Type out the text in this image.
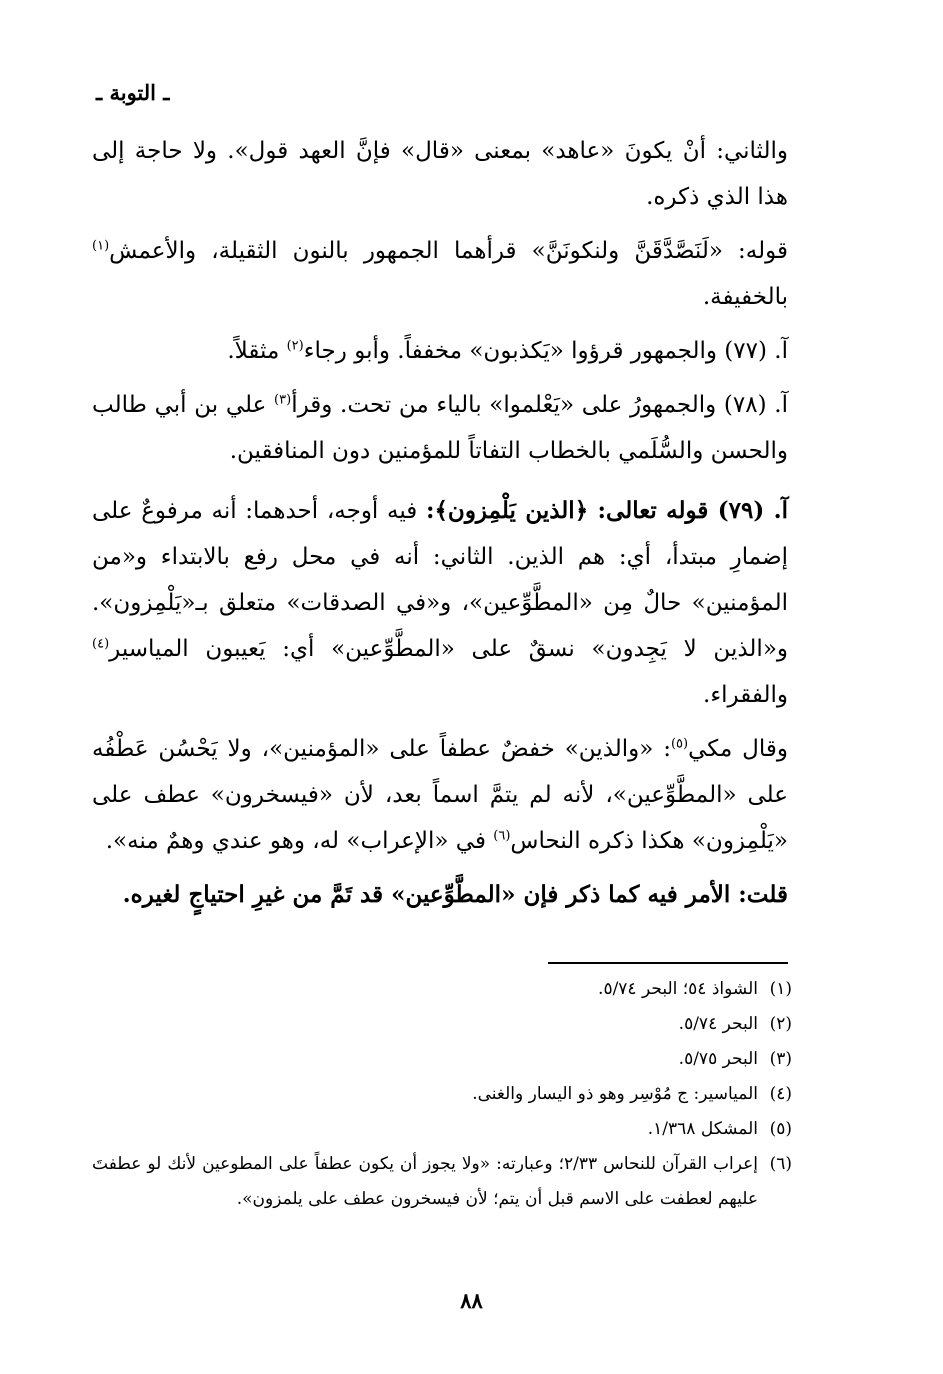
ـ التوبة ـ

والثاني: أنْ يكونَ «عاهد» بمعنى «قال» فإنَّ العهد قول». ولا حاجة إلى هذا الذي ذكره.

قوله: «لَنَصَّدَّقَنَّ ولنكونَنَّ» قرأهما الجمهور بالنون الثقيلة، والأعمش$^{(١)}$ بالخفيفة.

آ. (٧٧) والجمهور قرؤوا «يَكذبون» مخففاً. وأبو رجاء$^{(٢)}$ مثقلاً.

آ. (٧٨) والجمهورُ على «يَعْلموا» بالياء من تحت. وقرأ$^{(٣)}$ علي بن أبي طالب والحسن والسُّلَمي بالخطاب التفاتاً للمؤمنين دون المنافقين.

آ. (٧٩) قوله تعالى: ﴿الذين يَلْمِزون﴾: فيه أوجه، أحدهما: أنه مرفوعٌ على إضمارِ مبتدأ، أي: هم الذين. الثاني: أنه في محل رفع بالابتداء و«من المؤمنين» حالٌ مِن «المطَّوِّعين»، و«في الصدقات» متعلق بـ«يَلْمِزون». و«الذين لا يَجِدون» نسقٌ على «المطَّوِّعين» أي: يَعيبون المياسير$^{(٤)}$ والفقراء.

وقال مكي$^{(٥)}$: «والذين» خفضٌ عطفاً على «المؤمنين»، ولا يَحْسُن عَطْفُه على «المطَّوِّعين»، لأنه لم يتمَّ اسماً بعد، لأن «فيسخرون» عطف على «يَلْمِزون» هكذا ذكره النحاس$^{(٦)}$ في «الإعراب» له، وهو عندي وهمٌ منه».

قلت: الأمر فيه كما ذكر فإن «المطَّوِّعين» قد تَمَّ من غيرِ احتياجٍ لغيره.

(١)
الشواذ ٥٤؛ البحر ٥/٧٤.
(٢)
البحر ٥/٧٤.
(٣)
البحر ٥/٧٥.
(٤)
المياسير: ج مُوْسِر وهو ذو اليسار والغنى.
(٥)
المشكل ١/٣٦٨.
(٦)
إعراب القرآن للنحاس ٢/٣٣؛ وعبارته: «ولا يجوز أن يكون عطفاً على المطوعين لأنك لو عطفتَ عليهم لعطفت على الاسم قبل أن يتم؛ لأن فيسخرون عطف على يلمزون».
٨٨
